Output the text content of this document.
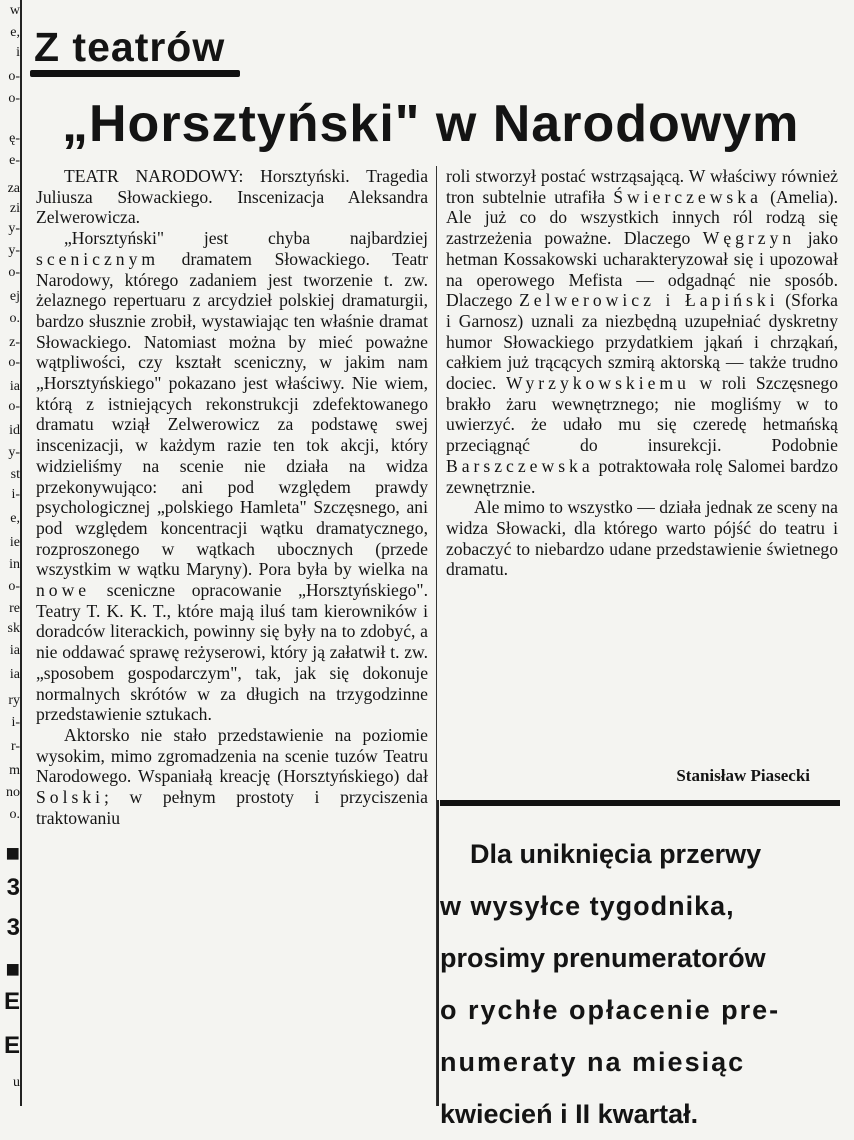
w
e,
i
o-
o-
ę-
e-
za
zi
y-
y-
o-
ej
o.
z-
o-
ia
o-
id
y-
st
i-
e,
ie
in
o-
re
sk
ia
ia
ry
i-
r-
m
no
o.
■
3
3
■
E
E
u
Z teatrów
„Horsztyński" w Narodowym

TEATR NARODOWY: Horsztyński. Tragedia Juliusza Słowackiego. Inscenizacja Aleksandra Zelwerowicza.

„Horsztyński" jest chyba najbardziej scenicznym dramatem Słowackiego. Teatr Narodowy, którego zadaniem jest tworzenie t. zw. żelaznego repertuaru z arcydzieł polskiej dramaturgii, bardzo słusznie zrobił, wystawiając ten właśnie dramat Słowackiego. Natomiast można by mieć poważne wątpliwości, czy kształt sceniczny, w jakim nam „Horsztyńskiego" pokazano jest właściwy. Nie wiem, którą z istniejących rekonstrukcji zdefektowanego dramatu wziął Zelwerowicz za podstawę swej inscenizacji, w każdym razie ten tok akcji, który widzieliśmy na scenie nie działa na widza przekonywująco: ani pod względem prawdy psychologicznej „polskiego Hamleta" Szczęsnego, ani pod względem koncentracji wątku dramatycznego, rozproszonego w wątkach ubocznych (przede wszystkim w wątku Maryny). Pora była by wielka na nowe sceniczne opracowanie „Horsztyńskiego". Teatry T. K. K. T., które mają iluś tam kierowników i doradców literackich, powinny się były na to zdobyć, a nie oddawać sprawę reżyserowi, który ją załatwił t. zw. „sposobem gospodarczym", tak, jak się dokonuje normalnych skrótów w za długich na trzygodzinne przedstawienie sztukach.

Aktorsko nie stało przedstawienie na poziomie wysokim, mimo zgromadzenia na scenie tuzów Teatru Narodowego. Wspaniałą kreację (Horsztyńskiego) dał Solski; w pełnym prostoty i przyciszenia traktowaniu

roli stworzył postać wstrząsającą. W właściwy również tron subtelnie utrafiła Świerczewska (Amelia). Ale już co do wszystkich innych ról rodzą się zastrzeżenia poważne. Dlaczego Węgrzyn jako hetman Kossakowski ucharakteryzował się i upozował na operowego Mefista — odgadnąć nie sposób. Dlaczego Zelwerowicz i Łapiński (Sforka i Garnosz) uznali za niezbędną uzupełniać dyskretny humor Słowackiego przydatkiem jąkań i chrząkań, całkiem już trącących szmirą aktorską — także trudno dociec. Wyrzykowskiemu w roli Szczęsnego brakło żaru wewnętrznego; nie mogliśmy w to uwierzyć. że udało mu się czeredę hetmańską przeciągnąć do insurekcji. Podobnie Barszczewska potraktowała rolę Salomei bardzo zewnętrznie.

Ale mimo to wszystko — działa jednak ze sceny na widza Słowacki, dla którego warto pójść do teatru i zobaczyć to niebardzo udane przedstawienie świetnego dramatu.

Stanisław Piasecki
Dla uniknięcia przerwy
w wysyłce tygodnika,
prosimy prenumeratorów
o rychłe opłacenie pre-
numeraty na miesiąc
kwiecień i II kwartał.
